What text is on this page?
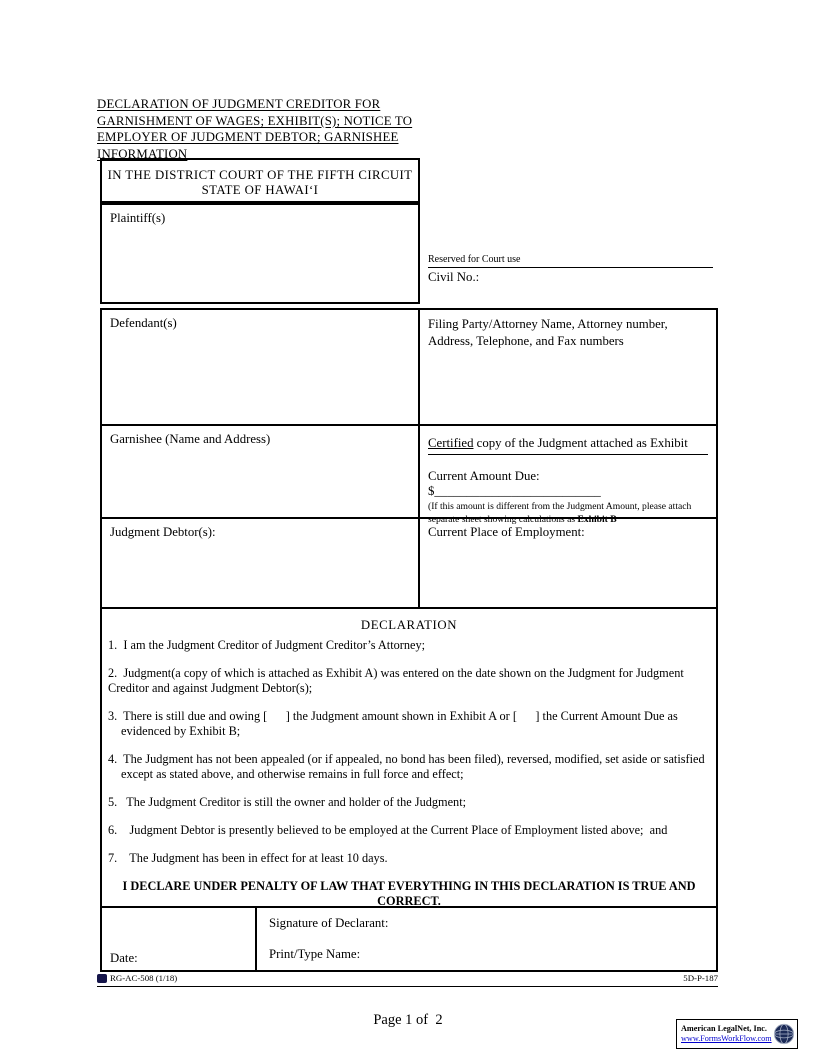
DECLARATION OF JUDGMENT CREDITOR FOR
GARNISHMENT OF WAGES; EXHIBIT(S); NOTICE TO
EMPLOYER OF JUDGMENT DEBTOR; GARNISHEE
INFORMATION
IN THE DISTRICT COURT OF THE FIFTH CIRCUIT
STATE OF HAWAIʻI
Plaintiff(s)
Reserved for Court use
Civil No.:
Defendant(s)	Filing Party/Attorney Name, Attorney number, Address, Telephone, and Fax numbers
Garnishee (Name and Address)	Certified copy of the Judgment attached as Exhibit
Current Amount Due: $__________________________
(If this amount is different from the Judgment Amount, please attach separate sheet showing calculations as Exhibit B
Judgment Debtor(s):	Current Place of Employment:
DECLARATION

1.  I am the Judgment Creditor of Judgment Creditor’s Attorney;

2.  Judgment(a copy of which is attached as Exhibit A) was entered on the date shown on the Judgment for Judgment Creditor and against Judgment Debtor(s);

3.  There is still due and owing [      ] the Judgment amount shown in Exhibit A or [      ] the Current Amount Due as evidenced by Exhibit B;

4.  The Judgment has not been appealed (or if appealed, no bond has been filed), reversed, modified, set aside or satisfied except as stated above, and otherwise remains in full force and effect;

5.   The Judgment Creditor is still the owner and holder of the Judgment;

6.    Judgment Debtor is presently believed to be employed at the Current Place of Employment listed above;  and

7.    The Judgment has been in effect for at least 10 days.

I DECLARE UNDER PENALTY OF LAW THAT EVERYTHING IN THIS DECLARATION IS TRUE AND CORRECT.
Date:
Signature of Declarant:
Print/Type Name:
RG-AC-508 (1/18)	5D-P-187
Page 1 of  2
American LegalNet, Inc.
www.FormsWorkFlow.com
